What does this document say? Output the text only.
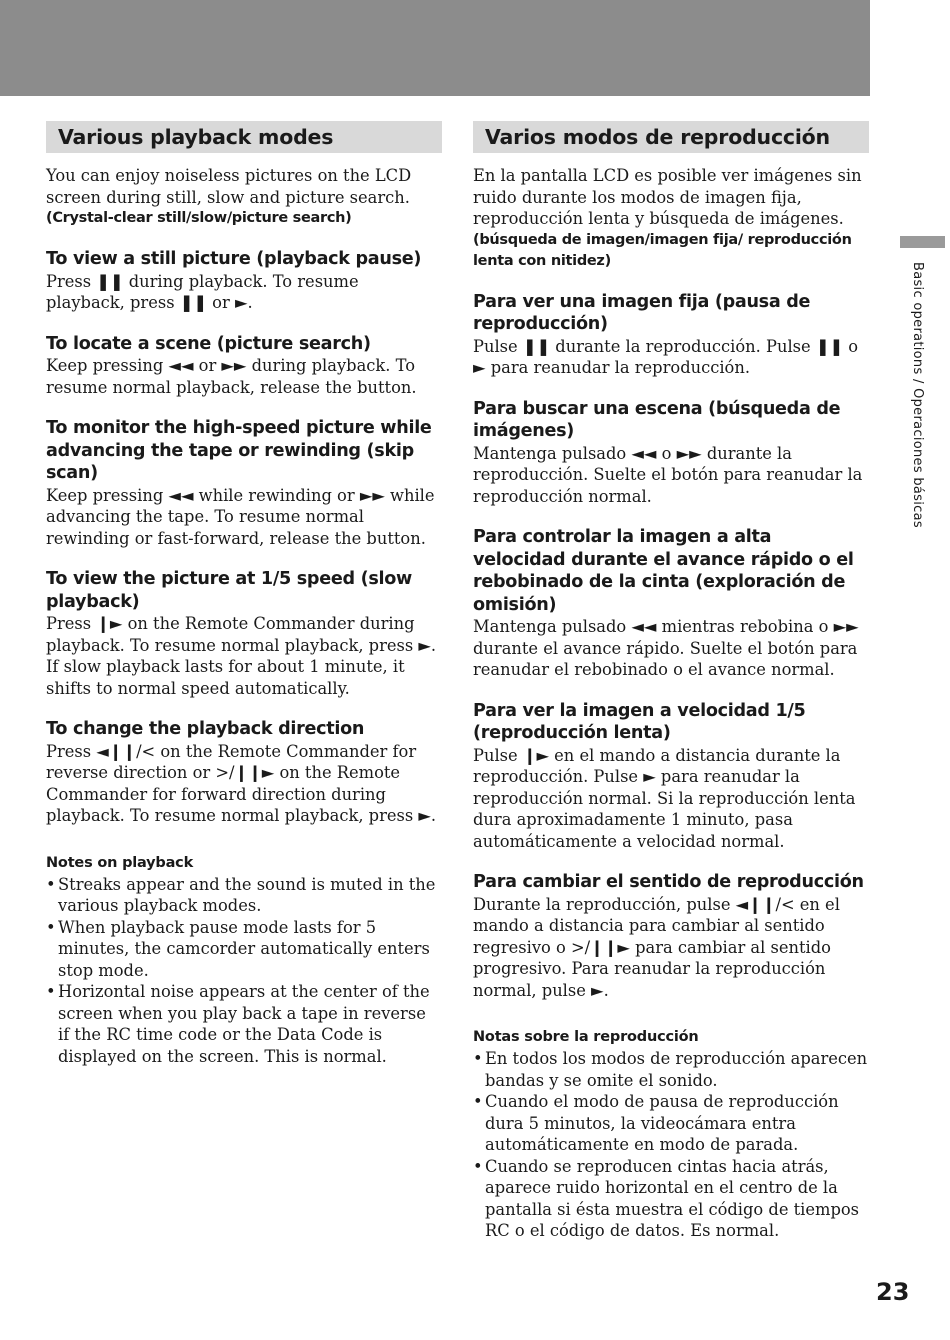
Various playback modes

You can enjoy noiseless pictures on the LCD screen during still, slow and picture search.

(Crystal-clear still/slow/picture search)

To view a still picture (playback pause)

Press ❚❚ during playback. To resume playback, press ❚❚ or ►.

To locate a scene (picture search)

Keep pressing ◄◄ or ►► during playback. To resume normal playback, release the button.

To monitor the high-speed picture while advancing the tape or rewinding (skip scan)

Keep pressing ◄◄ while rewinding or ►► while advancing the tape. To resume normal rewinding or fast-forward, release the button.

To view the picture at 1/5 speed (slow playback)

Press ❙► on the Remote Commander during playback. To resume normal playback, press ►. If slow playback lasts for about 1 minute, it shifts to normal speed automatically.

To change the playback direction

Press ◄❙❙/< on the Remote Commander for reverse direction or >/❙❙► on the Remote Commander for forward direction during playback. To resume normal playback, press ►.

Notes on playback

• Streaks appear and the sound is muted in the various playback modes.
• When playback pause mode lasts for 5 minutes, the camcorder automatically enters stop mode.
• Horizontal noise appears at the center of the screen when you play back a tape in reverse if the RC time code or the Data Code is displayed on the screen. This is normal.
Varios modos de reproducción

En la pantalla LCD es posible ver imágenes sin ruido durante los modos de imagen fija, reproducción lenta y búsqueda de imágenes.

(búsqueda de imagen/imagen fija/ reproducción lenta con nitidez)

Para ver una imagen fija (pausa de reproducción)

Pulse ❚❚ durante la reproducción. Pulse ❚❚ o ► para reanudar la reproducción.

Para buscar una escena (búsqueda de imágenes)

Mantenga pulsado ◄◄ o ►► durante la reproducción. Suelte el botón para reanudar la reproducción normal.

Para controlar la imagen a alta velocidad durante el avance rápido o el rebobinado de la cinta (exploración de omisión)

Mantenga pulsado ◄◄ mientras rebobina o ►► durante el avance rápido. Suelte el botón para reanudar el rebobinado o el avance normal.

Para ver la imagen a velocidad 1/5 (reproducción lenta)

Pulse ❙► en el mando a distancia durante la reproducción. Pulse ► para reanudar la reproducción normal. Si la reproducción lenta dura aproximadamente 1 minuto, pasa automáticamente a velocidad normal.

Para cambiar el sentido de reproducción

Durante la reproducción, pulse ◄❙❙/< en el mando a distancia para cambiar al sentido regresivo o >/❙❙► para cambiar al sentido progresivo. Para reanudar la reproducción normal, pulse ►.

Notas sobre la reproducción

• En todos los modos de reproducción aparecen bandas y se omite el sonido.
• Cuando el modo de pausa de reproducción dura 5 minutos, la videocámara entra automáticamente en modo de parada.
• Cuando se reproducen cintas hacia atrás, aparece ruido horizontal en el centro de la pantalla si ésta muestra el código de tiempos RC o el código de datos. Es normal.
Basic operations / Operaciones básicas
23
